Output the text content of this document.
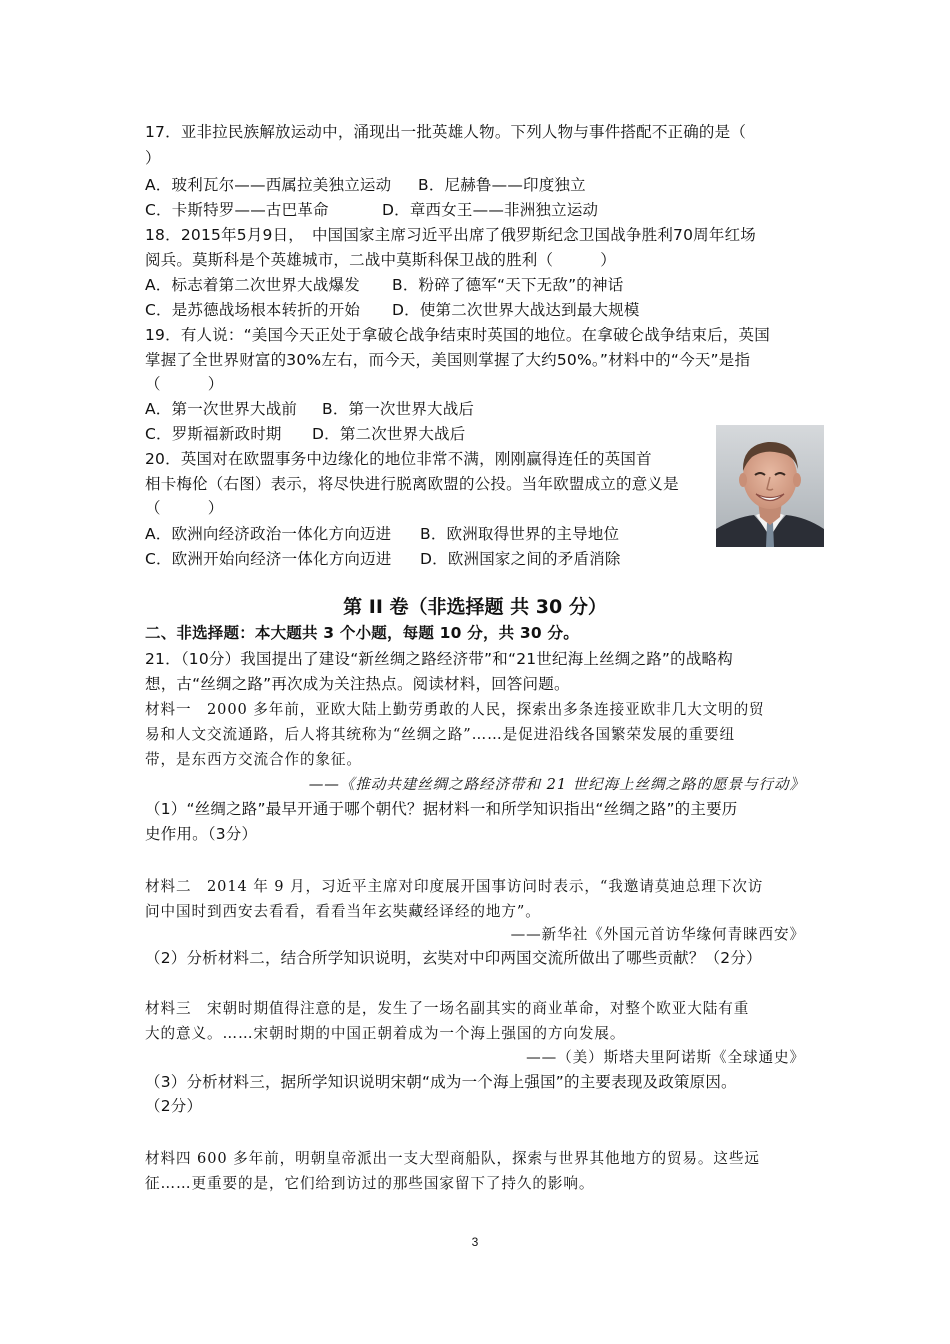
17．亚非拉民族解放运动中，涌现出一批英雄人物。下列人物与事件搭配不正确的是（
）
A．玻利瓦尔——西属拉美独立运动 B．尼赫鲁——印度独立
C．卡斯特罗——古巴革命	D．章西女王——非洲独立运动
18．2015年5月9日，　中国国家主席习近平出席了俄罗斯纪念卫国战争胜利70周年红场
阅兵。莫斯科是个英雄城市，二战中莫斯科保卫战的胜利（　　　）
A．标志着第二次世界大战爆发 B．粉碎了德军“天下无敌”的神话
C．是苏德战场根本转折的开始 D．使第二次世界大战达到最大规模
19．有人说：“美国今天正处于拿破仑战争结束时英国的地位。在拿破仑战争结束后，英国
掌握了全世界财富的30%左右，而今天，美国则掌握了大约50%。”材料中的“今天”是指
（　　　）
A．第一次世界大战前 B．第一次世界大战后
C．罗斯福新政时期 D．第二次世界大战后
20．英国对在欧盟事务中边缘化的地位非常不满，刚刚赢得连任的英国首
相卡梅伦（右图）表示，将尽快进行脱离欧盟的公投。当年欧盟成立的意义是
（　　　）
A．欧洲向经济政治一体化方向迈进 B．欧洲取得世界的主导地位
C．欧洲开始向经济一体化方向迈进 D．欧洲国家之间的矛盾消除
第 II 卷（非选择题 共 30 分）
二、非选择题：本大题共 3 个小题，每题 10 分，共 30 分。
21．（10分）我国提出了建设“新丝绸之路经济带”和“21世纪海上丝绸之路”的战略构
想，古“丝绸之路”再次成为关注热点。阅读材料，回答问题。
材料一　2000 多年前，亚欧大陆上勤劳勇敢的人民，探索出多条连接亚欧非几大文明的贸
易和人文交流通路，后人将其统称为“丝绸之路”……是促进沿线各国繁荣发展的重要纽
带，是东西方交流合作的象征。
——《推动共建丝绸之路经济带和 21 世纪海上丝绸之路的愿景与行动》
（1）“丝绸之路”最早开通于哪个朝代？据材料一和所学知识指出“丝绸之路”的主要历
史作用。（3分）
材料二　2014 年 9 月，习近平主席对印度展开国事访问时表示，“我邀请莫迪总理下次访
问中国时到西安去看看，看看当年玄奘藏经译经的地方”。
——新华社《外国元首访华缘何青睐西安》
（2）分析材料二，结合所学知识说明，玄奘对中印两国交流所做出了哪些贡献？（2分）
材料三　宋朝时期值得注意的是，发生了一场名副其实的商业革命，对整个欧亚大陆有重
大的意义。……宋朝时期的中国正朝着成为一个海上强国的方向发展。
——（美）斯塔夫里阿诺斯《全球通史》
（3）分析材料三，据所学知识说明宋朝“成为一个海上强国”的主要表现及政策原因。
（2分）
材料四 600 多年前，明朝皇帝派出一支大型商船队，探索与世界其他地方的贸易。这些远
征……更重要的是，它们给到访过的那些国家留下了持久的影响。
3
